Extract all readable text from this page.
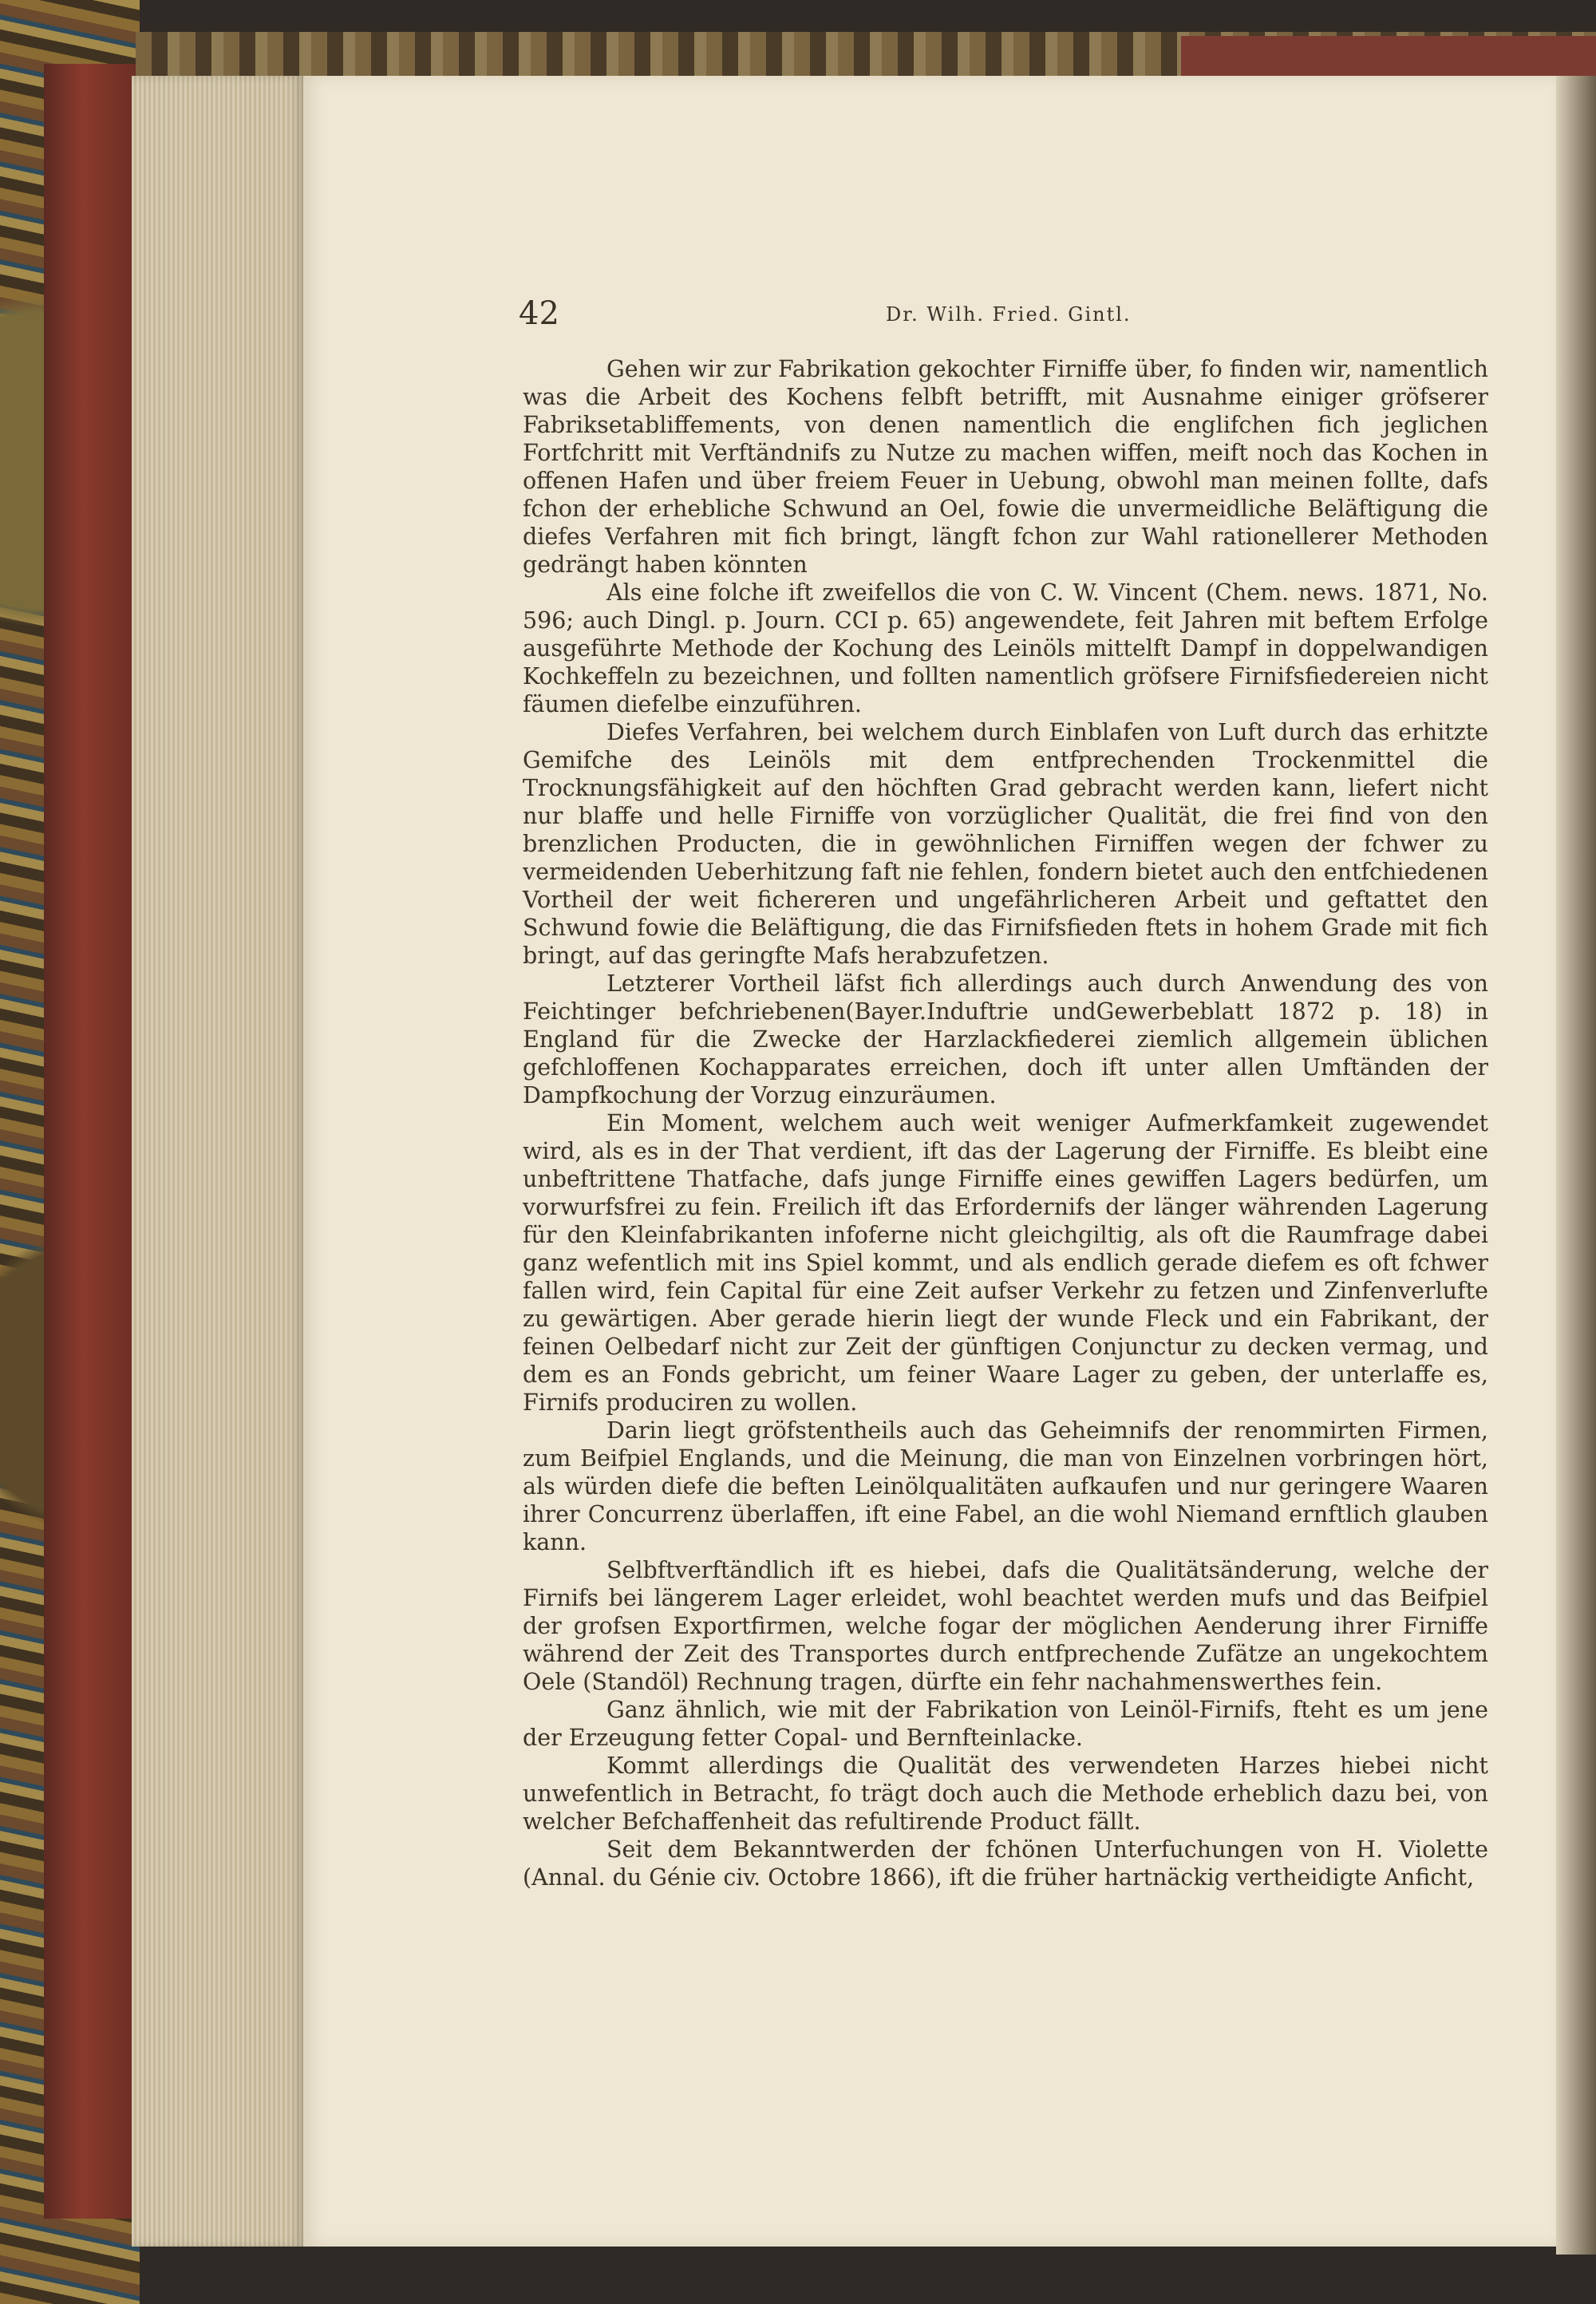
42	Dr. Wilh. Fried. Gintl.

Gehen wir zur Fabrikation gekochter Firniffe über, fo finden wir, namentlich was die Arbeit des Kochens felbft betrifft, mit Ausnahme einiger gröfserer Fabriksetabliffements, von denen namentlich die englifchen fich jeglichen Fortfchritt mit Verftändnifs zu Nutze zu machen wiffen, meift noch das Kochen in offenen Hafen und über freiem Feuer in Uebung, obwohl man meinen follte, dafs fchon der erhebliche Schwund an Oel, fowie die unvermeidliche Beläftigung die diefes Verfahren mit fich bringt, längft fchon zur Wahl rationellerer Methoden gedrängt haben könnten

Als eine folche ift zweifellos die von C. W. Vincent (Chem. news. 1871, No. 596; auch Dingl. p. Journ. CCI p. 65) angewendete, feit Jahren mit beftem Erfolge ausgeführte Methode der Kochung des Leinöls mittelft Dampf in doppelwandigen Kochkeffeln zu bezeichnen, und follten namentlich gröfsere Firnifsfiedereien nicht fäumen diefelbe einzuführen.

Diefes Verfahren, bei welchem durch Einblafen von Luft durch das erhitzte Gemifche des Leinöls mit dem entfprechenden Trockenmittel die Trocknungsfähigkeit auf den höchften Grad gebracht werden kann, liefert nicht nur blaffe und helle Firniffe von vorzüglicher Qualität, die frei find von den brenzlichen Producten, die in gewöhnlichen Firniffen wegen der fchwer zu vermeidenden Ueberhitzung faft nie fehlen, fondern bietet auch den entfchiedenen Vortheil der weit fichereren und ungefährlicheren Arbeit und geftattet den Schwund fowie die Beläftigung, die das Firnifsfieden ftets in hohem Grade mit fich bringt, auf das geringfte Mafs herabzufetzen.

Letzterer Vortheil läfst fich allerdings auch durch Anwendung des von Feichtinger befchriebenen(Bayer.Induftrie undGewerbeblatt 1872 p. 18) in England für die Zwecke der Harzlackfiederei ziemlich allgemein üblichen gefchloffenen Kochapparates erreichen, doch ift unter allen Umftänden der Dampfkochung der Vorzug einzuräumen.

Ein Moment, welchem auch weit weniger Aufmerkfamkeit zugewendet wird, als es in der That verdient, ift das der Lagerung der Firniffe. Es bleibt eine unbeftrittene Thatfache, dafs junge Firniffe eines gewiffen Lagers bedürfen, um vorwurfsfrei zu fein. Freilich ift das Erfordernifs der länger währenden Lagerung für den Kleinfabrikanten infoferne nicht gleichgiltig, als oft die Raumfrage dabei ganz wefentlich mit ins Spiel kommt, und als endlich gerade diefem es oft fchwer fallen wird, fein Capital für eine Zeit aufser Verkehr zu fetzen und Zinfenverlufte zu gewärtigen. Aber gerade hierin liegt der wunde Fleck und ein Fabrikant, der feinen Oelbedarf nicht zur Zeit der günftigen Conjunctur zu decken vermag, und dem es an Fonds gebricht, um feiner Waare Lager zu geben, der unterlaffe es, Firnifs produciren zu wollen.

Darin liegt gröfstentheils auch das Geheimnifs der renommirten Firmen, zum Beifpiel Englands, und die Meinung, die man von Einzelnen vorbringen hört, als würden diefe die beften Leinölqualitäten aufkaufen und nur geringere Waaren ihrer Concurrenz überlaffen, ift eine Fabel, an die wohl Niemand ernftlich glauben kann.

Selbftverftändlich ift es hiebei, dafs die Qualitätsänderung, welche der Firnifs bei längerem Lager erleidet, wohl beachtet werden mufs und das Beifpiel der grofsen Exportfirmen, welche fogar der möglichen Aenderung ihrer Firniffe während der Zeit des Transportes durch entfprechende Zufätze an ungekochtem Oele (Standöl) Rechnung tragen, dürfte ein fehr nachahmenswerthes fein.

Ganz ähnlich, wie mit der Fabrikation von Leinöl-Firnifs, fteht es um jene der Erzeugung fetter Copal- und Bernfteinlacke.

Kommt allerdings die Qualität des verwendeten Harzes hiebei nicht unwefentlich in Betracht, fo trägt doch auch die Methode erheblich dazu bei, von welcher Befchaffenheit das refultirende Product fällt.

Seit dem Bekanntwerden der fchönen Unterfuchungen von H. Violette (Annal. du Génie civ. Octobre 1866), ift die früher hartnäckig vertheidigte Anficht,
